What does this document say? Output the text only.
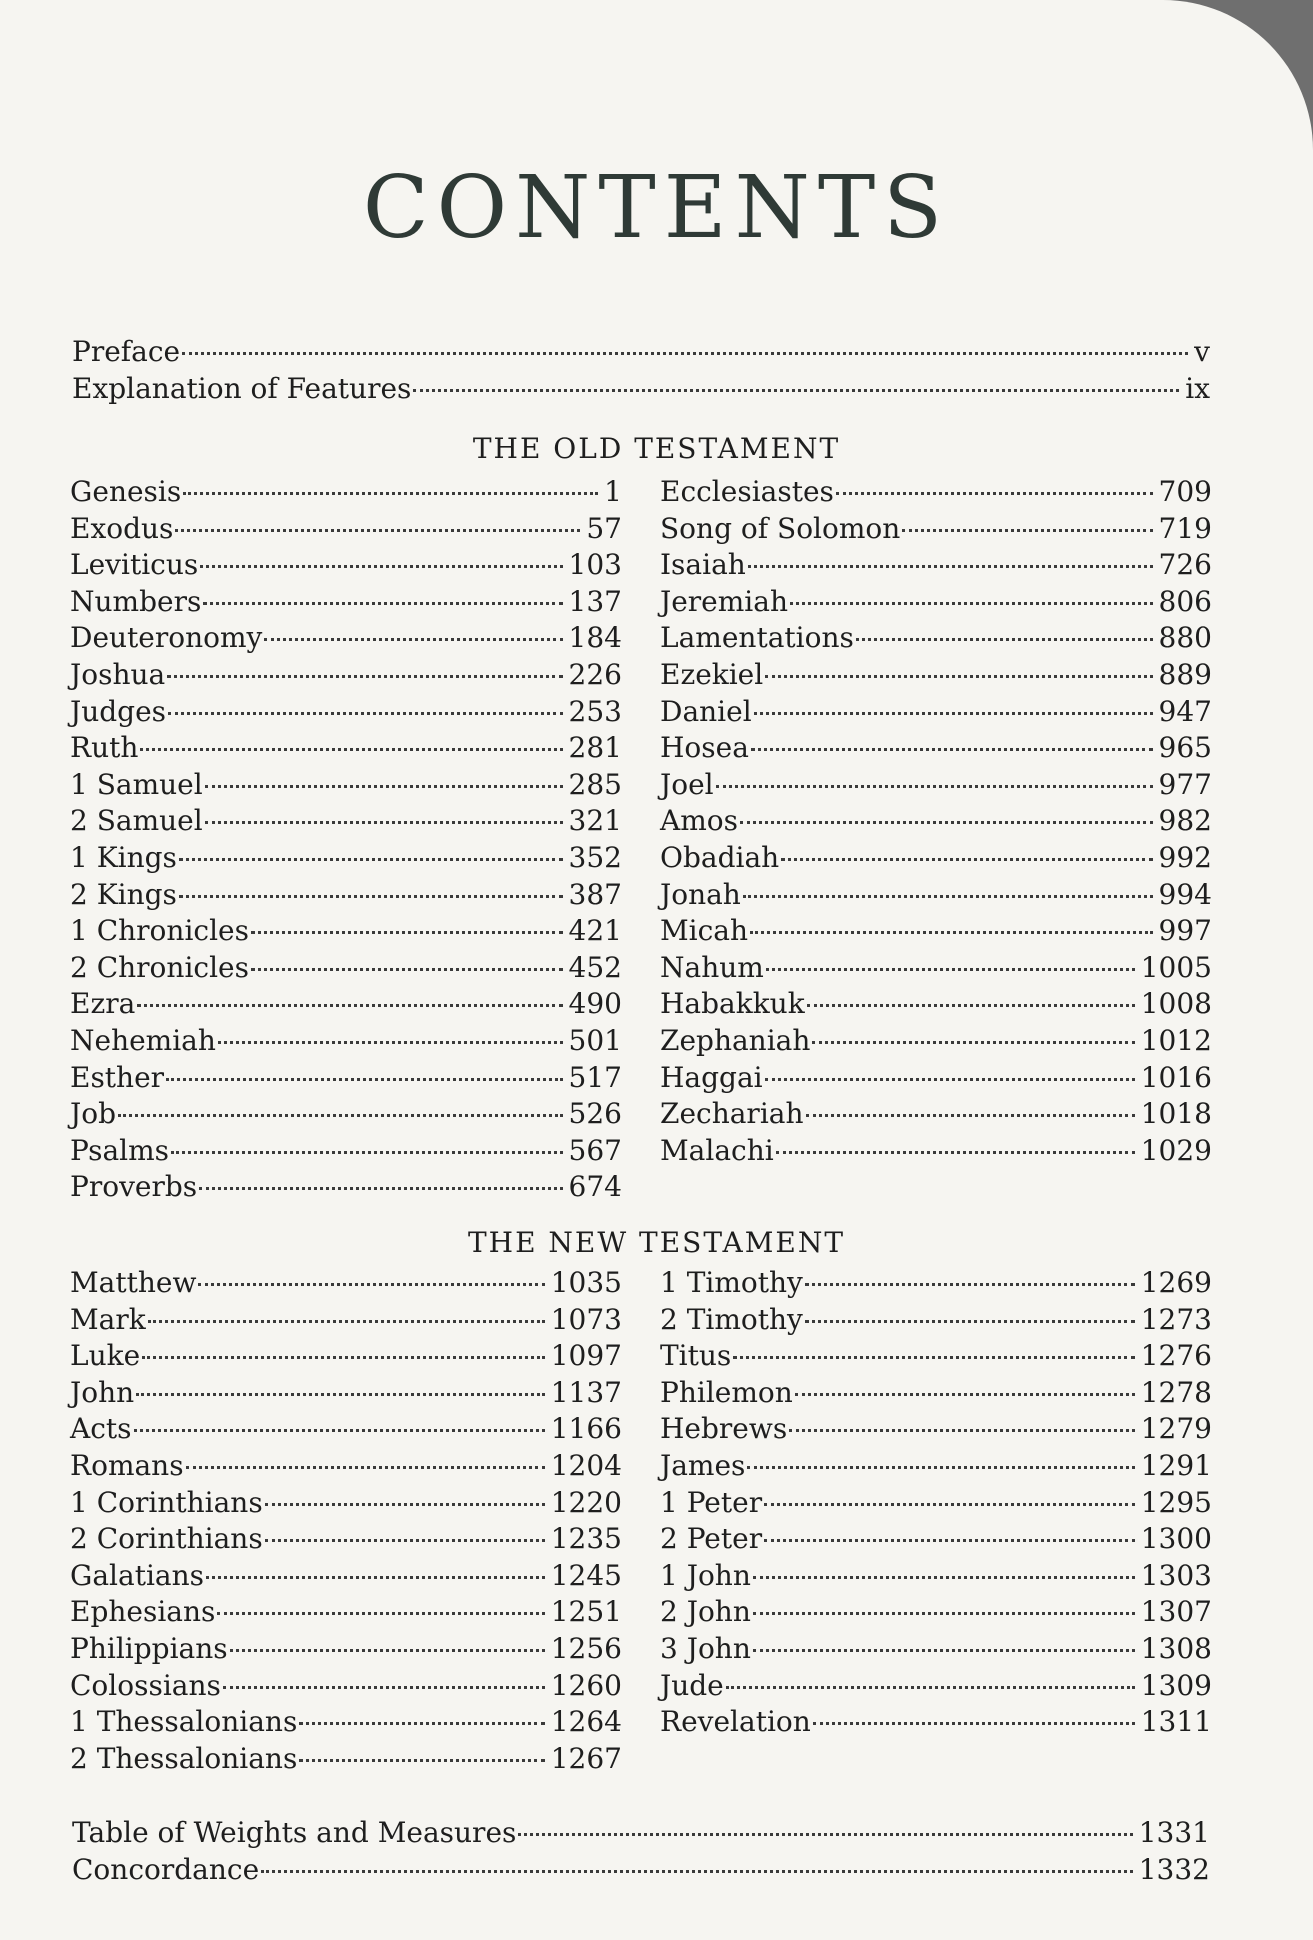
CONTENTS
Preface	v
Explanation of Features	ix
THE OLD TESTAMENT
Genesis	1
Exodus	57
Leviticus	103
Numbers	137
Deuteronomy	184
Joshua	226
Judges	253
Ruth	281
1 Samuel	285
2 Samuel	321
1 Kings	352
2 Kings	387
1 Chronicles	421
2 Chronicles	452
Ezra	490
Nehemiah	501
Esther	517
Job	526
Psalms	567
Proverbs	674
Ecclesiastes	709
Song of Solomon	719
Isaiah	726
Jeremiah	806
Lamentations	880
Ezekiel	889
Daniel	947
Hosea	965
Joel	977
Amos	982
Obadiah	992
Jonah	994
Micah	997
Nahum	1005
Habakkuk	1008
Zephaniah	1012
Haggai	1016
Zechariah	1018
Malachi	1029
THE NEW TESTAMENT
Matthew	1035
Mark	1073
Luke	1097
John	1137
Acts	1166
Romans	1204
1 Corinthians	1220
2 Corinthians	1235
Galatians	1245
Ephesians	1251
Philippians	1256
Colossians	1260
1 Thessalonians	1264
2 Thessalonians	1267
1 Timothy	1269
2 Timothy	1273
Titus	1276
Philemon	1278
Hebrews	1279
James	1291
1 Peter	1295
2 Peter	1300
1 John	1303
2 John	1307
3 John	1308
Jude	1309
Revelation	1311
Table of Weights and Measures	1331
Concordance	1332
